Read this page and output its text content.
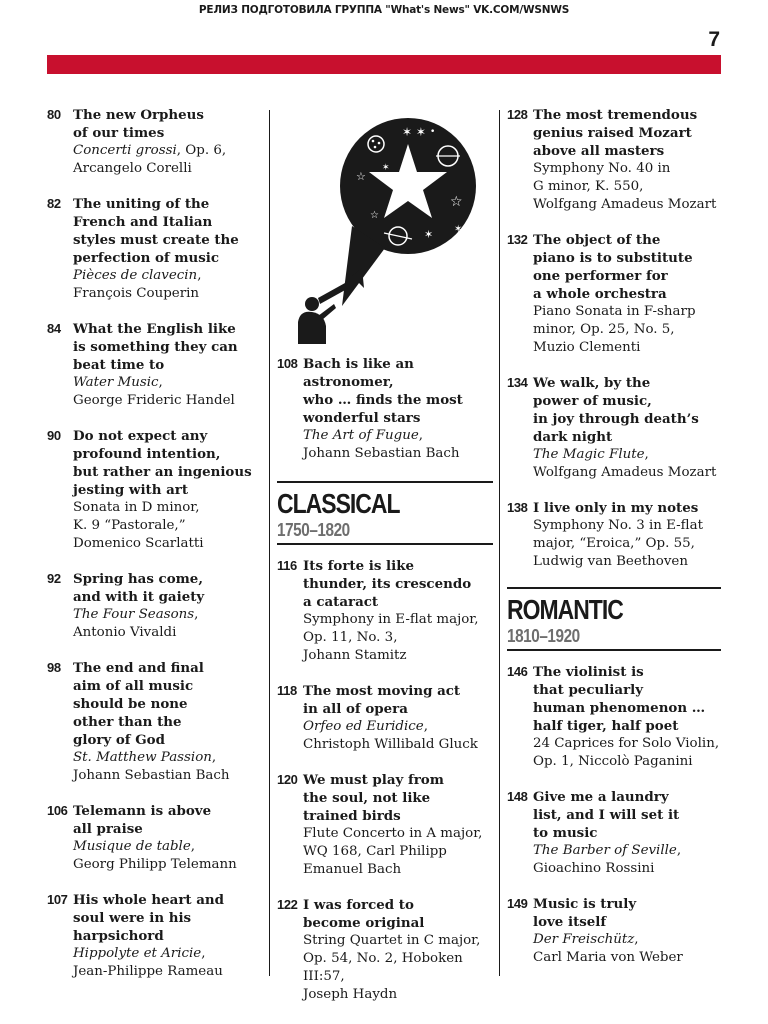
РЕЛИЗ ПОДГОТОВИЛА ГРУППА "What's News" VK.COM/WSNWS
7
✶ ✶
☆
☆
☆
✶ ✶
•
✶
80 The new Orpheus
of our times
Concerti grossi, Op. 6,
Arcangelo Corelli
82 The uniting of the
French and Italian
styles must create the
perfection of music
Pièces de clavecin,
François Couperin
84 What the English like
is something they can
beat time to
Water Music,
George Frideric Handel
90 Do not expect any
profound intention,
but rather an ingenious
jesting with art
Sonata in D minor,
K. 9 “Pastorale,”
Domenico Scarlatti
92 Spring has come,
and with it gaiety
The Four Seasons,
Antonio Vivaldi
98 The end and final
aim of all music
should be none
other than the
glory of God
St. Matthew Passion,
Johann Sebastian Bach
106 Telemann is above
all praise
Musique de table,
Georg Philipp Telemann
107 His whole heart and
soul were in his
harpsichord
Hippolyte et Aricie,
Jean-Philippe Rameau
108 Bach is like an astronomer,
who … finds the most
wonderful stars
The Art of Fugue,
Johann Sebastian Bach
CLASSICAL
1750–1820
116 Its forte is like
thunder, its crescendo
a cataract
Symphony in E-flat major,
Op. 11, No. 3,
Johann Stamitz
118 The most moving act
in all of opera
Orfeo ed Euridice,
Christoph Willibald Gluck
120 We must play from
the soul, not like
trained birds
Flute Concerto in A major,
WQ 168, Carl Philipp
Emanuel Bach
122 I was forced to
become original
String Quartet in C major,
Op. 54, No. 2, Hoboken III:57,
Joseph Haydn
128 The most tremendous
genius raised Mozart
above all masters
Symphony No. 40 in
G minor, K. 550,
Wolfgang Amadeus Mozart
132 The object of the
piano is to substitute
one performer for
a whole orchestra
Piano Sonata in F-sharp
minor, Op. 25, No. 5,
Muzio Clementi
134 We walk, by the
power of music,
in joy through death’s
dark night
The Magic Flute,
Wolfgang Amadeus Mozart
138 I live only in my notes
Symphony No. 3 in E-flat
major, “Eroica,” Op. 55,
Ludwig van Beethoven
ROMANTIC
1810–1920
146 The violinist is
that peculiarly
human phenomenon …
half tiger, half poet
24 Caprices for Solo Violin,
Op. 1, Niccolò Paganini
148 Give me a laundry
list, and I will set it
to music
The Barber of Seville,
Gioachino Rossini
149 Music is truly
love itself
Der Freischütz,
Carl Maria von Weber
